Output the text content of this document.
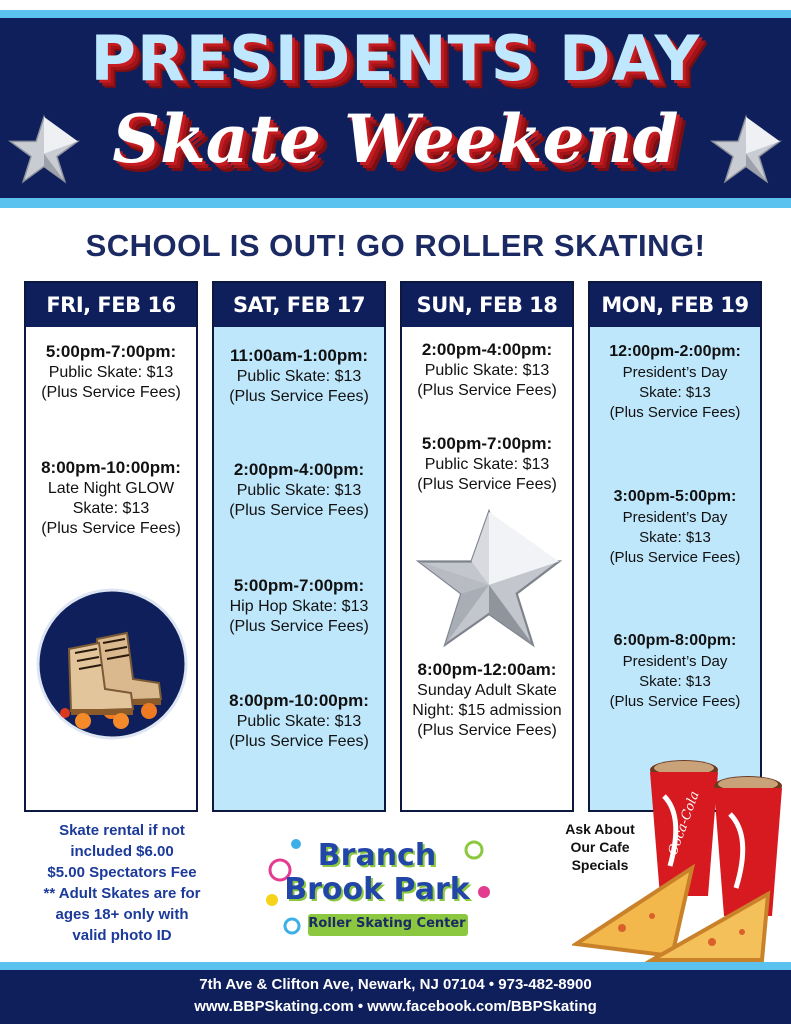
PRESIDENTS DAY
Skate Weekend
SCHOOL IS OUT! GO ROLLER SKATING!
FRI, FEB 16
5:00pm-7:00pm:
Public Skate: $13
(Plus Service Fees)
8:00pm-10:00pm:
Late Night GLOW
Skate: $13
(Plus Service Fees)
SAT, FEB 17
11:00am-1:00pm:
Public Skate: $13
(Plus Service Fees)
2:00pm-4:00pm:
Public Skate: $13
(Plus Service Fees)
5:00pm-7:00pm:
Hip Hop Skate: $13
(Plus Service Fees)
8:00pm-10:00pm:
Public Skate: $13
(Plus Service Fees)
SUN, FEB 18
2:00pm-4:00pm:
Public Skate: $13
(Plus Service Fees)
5:00pm-7:00pm:
Public Skate: $13
(Plus Service Fees)
8:00pm-12:00am:
Sunday Adult Skate
Night: $15 admission
(Plus Service Fees)
MON, FEB 19
12:00pm-2:00pm:
President’s Day
Skate: $13
(Plus Service Fees)
3:00pm-5:00pm:
President’s Day
Skate: $13
(Plus Service Fees)
6:00pm-8:00pm:
President’s Day
Skate: $13
(Plus Service Fees)
Skate rental if not
included $6.00
$5.00 Spectators Fee
** Adult Skates are for
ages 18+ only with
valid photo ID
Branch
Brook Park
Roller Skating Center
Ask About
Our Cafe
Specials
Coca-Cola
7th Ave & Clifton Ave, Newark, NJ 07104 • 973-482-8900
www.BBPSkating.com • www.facebook.com/BBPSkating
